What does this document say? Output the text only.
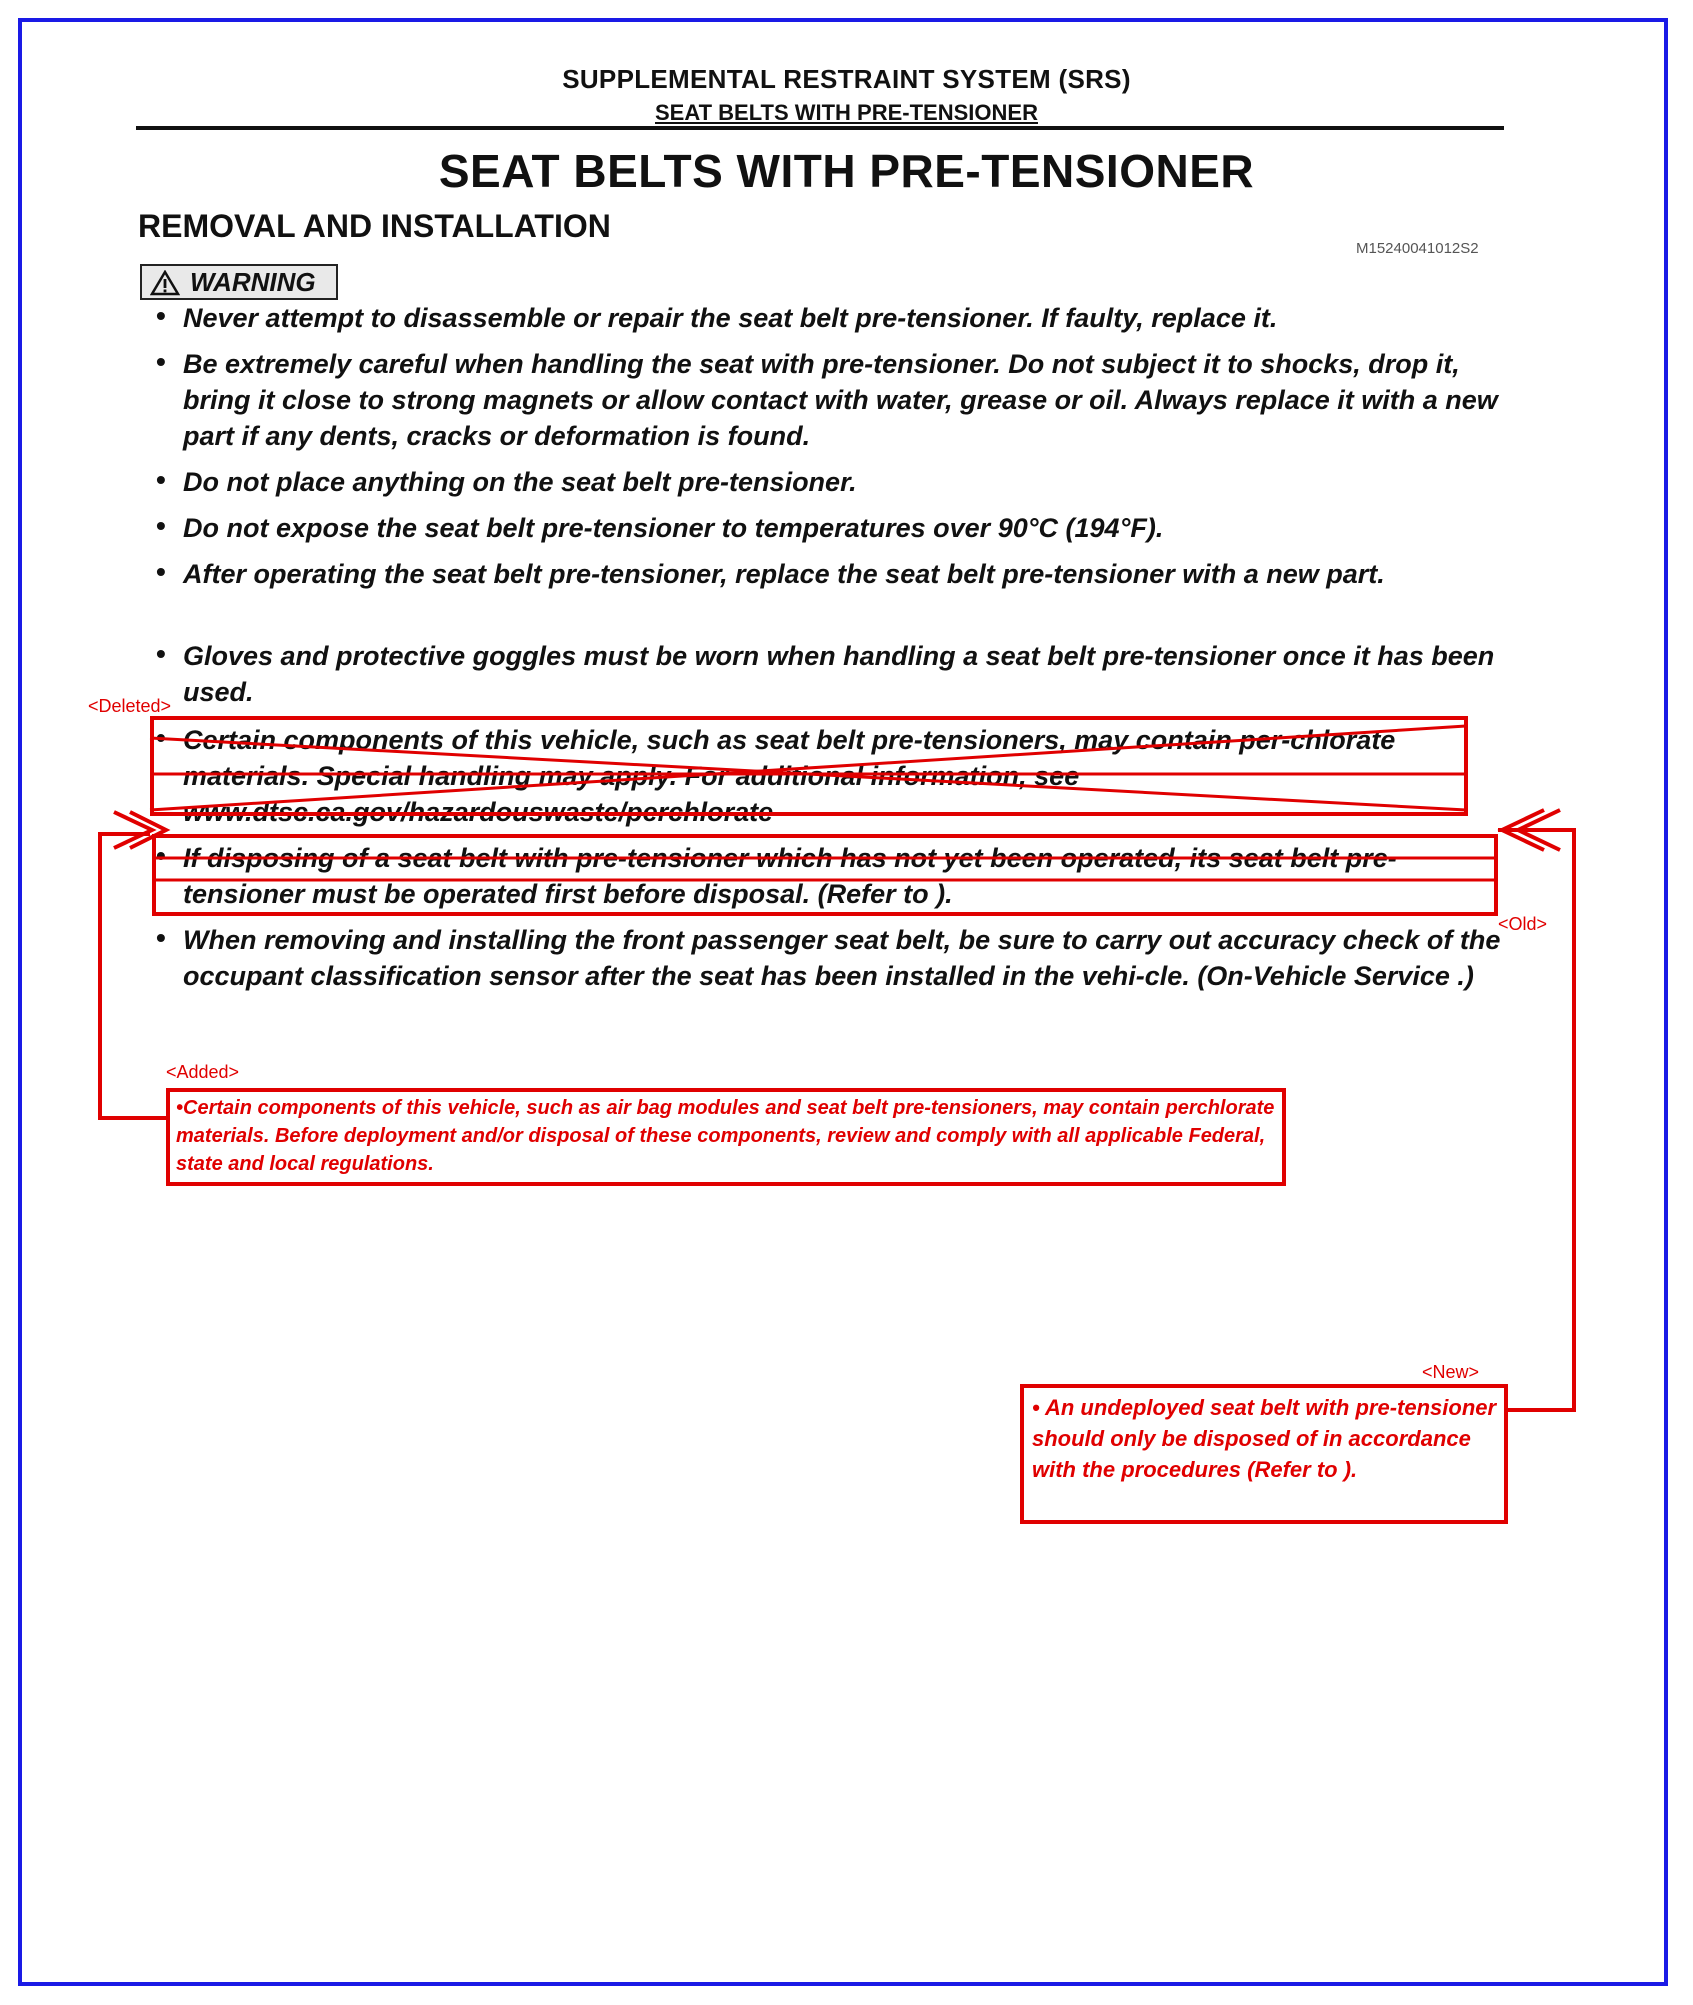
SUPPLEMENTAL RESTRAINT SYSTEM (SRS)
SEAT BELTS WITH PRE-TENSIONER
SEAT BELTS WITH PRE-TENSIONER
REMOVAL AND INSTALLATION
M15240041012S2
WARNING
• Never attempt to disassemble or repair the seat belt pre-tensioner. If faulty, replace it.
• Be extremely careful when handling the seat with pre-tensioner. Do not subject it to shocks, drop it, bring it close to strong magnets or allow contact with water, grease or oil. Always replace it with a new part if any dents, cracks or deformation is found.
• Do not place anything on the seat belt pre-tensioner.
• Do not expose the seat belt pre-tensioner to temperatures over 90°C (194°F).
• After operating the seat belt pre-tensioner, replace the seat belt pre-tensioner with a new part.
• Gloves and protective goggles must be worn when handling a seat belt pre-tensioner once it has been used.
• Certain components of this vehicle, such as seat belt pre-tensioners, may contain per-chlorate materials. Special handling may apply. For additional information, see www.dtsc.ca.gov/hazardouswaste/perchlorate
• If disposing of a seat belt with pre-tensioner which has not yet been operated, its seat belt pre-tensioner must be operated first before disposal. (Refer to ).
• When removing and installing the front passenger seat belt, be sure to carry out accuracy check of the occupant classification sensor after the seat has been installed in the vehi-cle. (On-Vehicle Service .)
<Deleted>
<Old>
<Added>
•Certain components of this vehicle, such as air bag modules and seat belt pre-tensioners, may contain perchlorate materials. Before deployment and/or disposal of these components, review and comply with all applicable Federal, state and local regulations.
<New>
• An undeployed seat belt with pre-tensioner should only be disposed of in accordance with the procedures (Refer to ).
